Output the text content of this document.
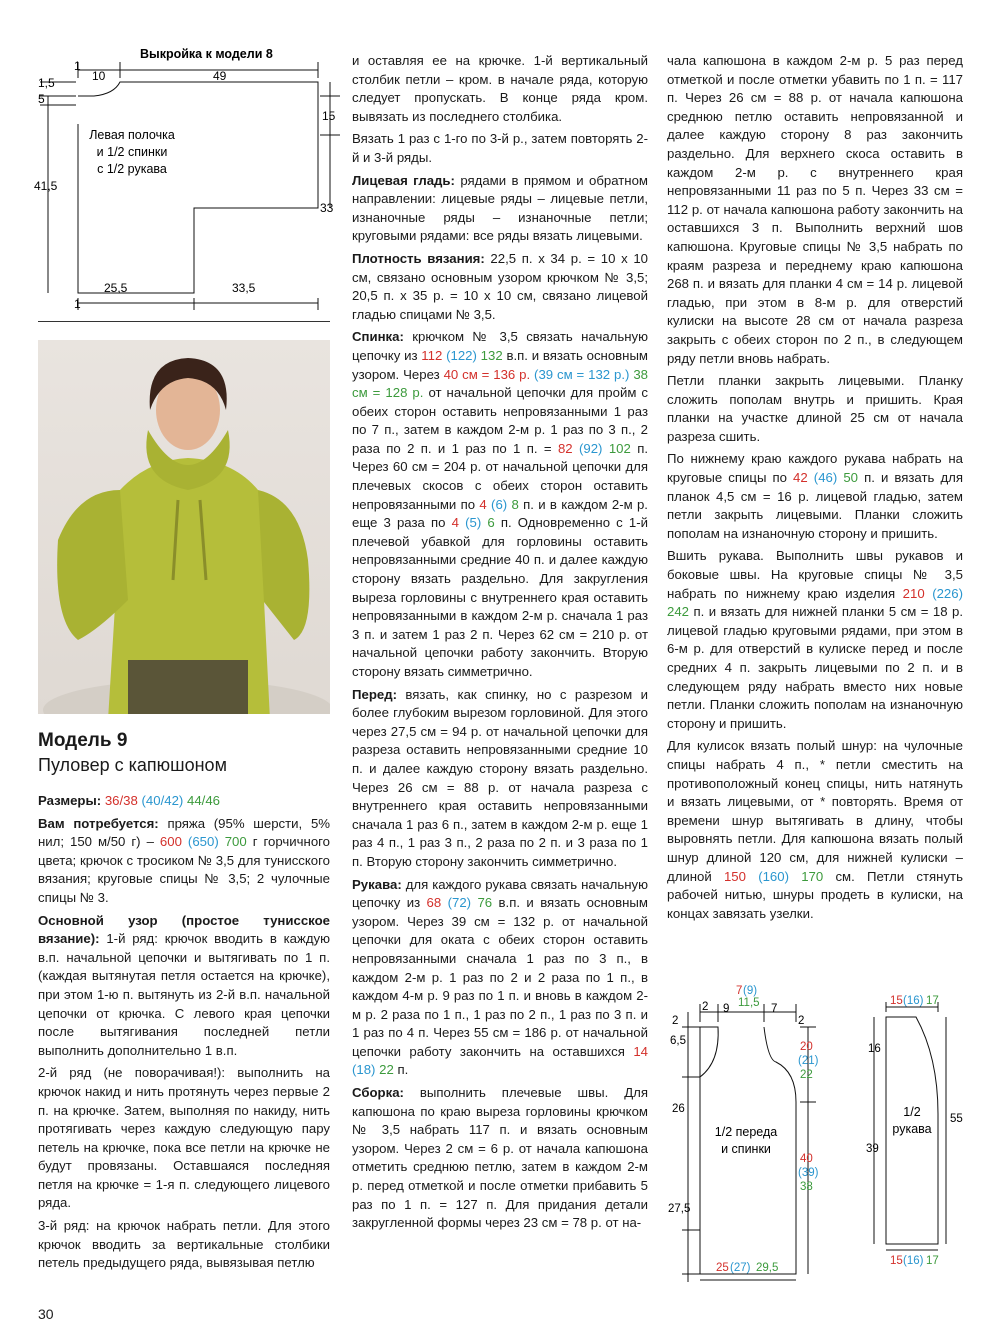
Выкройка к модели 8
1
1,5	10	49
5
15
41,5
33
1
25,5	33,5
Левая полочка
и 1/2 спинки
с 1/2 рукава
Модель 9
Пуловер с капюшоном

Размеры: 36/38 (40/42) 44/46

Вам потребуется: пряжа (95% шерсти, 5% нил; 150 м/50 г) – 600 (650) 700 г горчичного цвета; крючок с тросиком № 3,5 для тунисского вязания; круговые спицы № 3,5; 2 чулочные спицы № 3.

Основной узор (простое тунисское вязание): 1-й ряд: крючок вводить в каждую в.п. начальной цепочки и вытягивать по 1 п. (каждая вытянутая петля остается на крючке), при этом 1-ю п. вытянуть из 2-й в.п. начальной цепочки от крючка. С левого края цепочки после вытягивания последней петли выполнить дополнительно 1 в.п.

2-й ряд (не поворачивая!): выполнить на крючок накид и нить протянуть через первые 2 п. на крючке. Затем, выполняя по накиду, нить протягивать через каждую следующую пару петель на крючке, пока все петли на крючке не будут провязаны. Оставшаяся последняя петля на крючке = 1-я п. следующего лицевого ряда.

3-й ряд: на крючок набрать петли. Для этого крючок вводить за вертикальные столбики петель предыдущего ряда, вывязывая петлю

и оставляя ее на крючке. 1-й вертикальный столбик петли – кром. в начале ряда, которую следует пропускать. В конце ряда кром. вывязать из последнего столбика.

Вязать 1 раз с 1-го по 3-й р., затем повторять 2-й и 3-й ряды.

Лицевая гладь: рядами в прямом и обратном направлении: лицевые ряды – лицевые петли, изнаночные ряды – изнаночные петли; круговыми рядами: все ряды вязать лицевыми.

Плотность вязания: 22,5 п. х 34 р. = 10 х 10 см, связано основным узором крючком № 3,5; 20,5 п. х 35 р. = 10 х 10 см, связано лицевой гладью спицами № 3,5.

Спинка: крючком № 3,5 связать начальную цепочку из 112 (122) 132 в.п. и вязать основным узором. Через 40 см = 136 р. (39 см = 132 р.) 38 см = 128 р. от начальной цепочки для пройм с обеих сторон оставить непровязанными 1 раз по 7 п., затем в каждом 2-м р. 1 раз по 3 п., 2 раза по 2 п. и 1 раз по 1 п. = 82 (92) 102 п. Через 60 см = 204 р. от начальной цепочки для плечевых скосов с обеих сторон оставить непровязанными по 4 (6) 8 п. и в каждом 2-м р. еще 3 раза по 4 (5) 6 п. Одновременно с 1-й плечевой убавкой для горловины оставить непровязанными средние 40 п. и далее каждую сторону вязать раздельно. Для закругления выреза горловины с внутреннего края оставить непровязанными в каждом 2-м р. сначала 1 раз 3 п. и затем 1 раз 2 п. Через 62 см = 210 р. от начальной цепочки работу закончить. Вторую сторону вязать симметрично.

Перед: вязать, как спинку, но с разрезом и более глубоким вырезом горловиной. Для этого через 27,5 см = 94 р. от начальной цепочки для разреза оставить непровязанными средние 10 п. и далее каждую сторону вязать раздельно. Через 26 см = 88 р. от начала разреза с внутреннего края оставить непровязанными сначала 1 раз 6 п., затем в каждом 2-м р. еще 1 раз 4 п., 1 раз 3 п., 2 раза по 2 п. и 3 раза по 1 п. Вторую сторону закончить симметрично.

Рукава: для каждого рукава связать начальную цепочку из 68 (72) 76 в.п. и вязать основным узором. Через 39 см = 132 р. от начальной цепочки для оката с обеих сторон оставить непровязанными сначала 1 раз по 3 п., в каждом 2-м р. 1 раз по 2 и 2 раза по 1 п., в каждом 4-м р. 9 раз по 1 п. и вновь в каждом 2-м р. 2 раза по 1 п., 1 раз по 2 п., 1 раз по 3 п. и 1 раз по 4 п. Через 55 см = 186 р. от начальной цепочки работу закончить на оставшихся 14 (18) 22 п.

Сборка: выполнить плечевые швы. Для капюшона по краю выреза горловины крючком № 3,5 набрать 117 п. и вязать основным узором. Через 2 см = 6 р. от начала капюшона отметить среднюю петлю, затем в каждом 2-м р. перед отметкой и после отметки прибавить 5 раз по 1 п. = 127 п. Для придания детали закругленной формы через 23 см = 78 р. от на-

чала капюшона в каждом 2-м р. 5 раз перед отметкой и после отметки убавить по 1 п. = 117 п. Через 26 см = 88 р. от начала капюшона среднюю петлю оставить непровязанной и далее каждую сторону 8 раз закончить раздельно. Для верхнего скоса оставить в каждом 2-м р. с внутреннего края непровязанными 11 раз по 5 п. Через 33 см = 112 р. от начала капюшона работу закончить на оставшихся 3 п. Выполнить верхний шов капюшона. Круговые спицы № 3,5 набрать по краям разреза и переднему краю капюшона 268 п. и вязать для планки 4 см = 14 р. лицевой гладью, при этом в 8-м р. для отверстий кулиски на высоте 28 см от начала разреза закрыть с обеих сторон по 2 п., в следующем ряду петли вновь набрать.

Петли планки закрыть лицевыми. Планку сложить пополам внутрь и пришить. Края планки на участке длиной 25 см от начала разреза сшить.

По нижнему краю каждого рукава набрать на круговые спицы по 42 (46) 50 п. и вязать для планок 4,5 см = 16 р. лицевой гладью, затем петли закрыть лицевыми. Планки сложить пополам на изнаночную сторону и пришить.

Вшить рукава. Выполнить швы рукавов и боковые швы. На круговые спицы № 3,5 набрать по нижнему краю изделия 210 (226) 242 п. и вязать для нижней планки 5 см = 18 р. лицевой гладью круговыми рядами, при этом в 6-м р. для отверстий в кулиске перед и после средних 4 п. закрыть лицевыми по 2 п. и в следующем ряду набрать вместо них новые петли. Планки сложить пополам на изнаночную сторону и пришить.

Для кулисок вязать полый шнур: на чулочные спицы набрать 4 п., * петли сместить на противоположный конец спицы, нить натянуть и вязать лицевыми, от * повторять. Время от времени шнур вытягивать в длину, чтобы выровнять петли. Для капюшона вязать полый шнур длиной 120 см, для нижней кулиски – длиной 150 (160) 170 см. Петли стянуть рабочей нитью, шнуры продеть в кулиски, на концах завязать узелки.

2
2
9	7
2
6,5
26
27,5
16
39
55
7 (9)
11,5
20
(21)
22
40
(39)
38
25 (27) 29,5
15 (16) 17
15 (16) 17
1/2 переда
и спинки
1/2
рукава
30
